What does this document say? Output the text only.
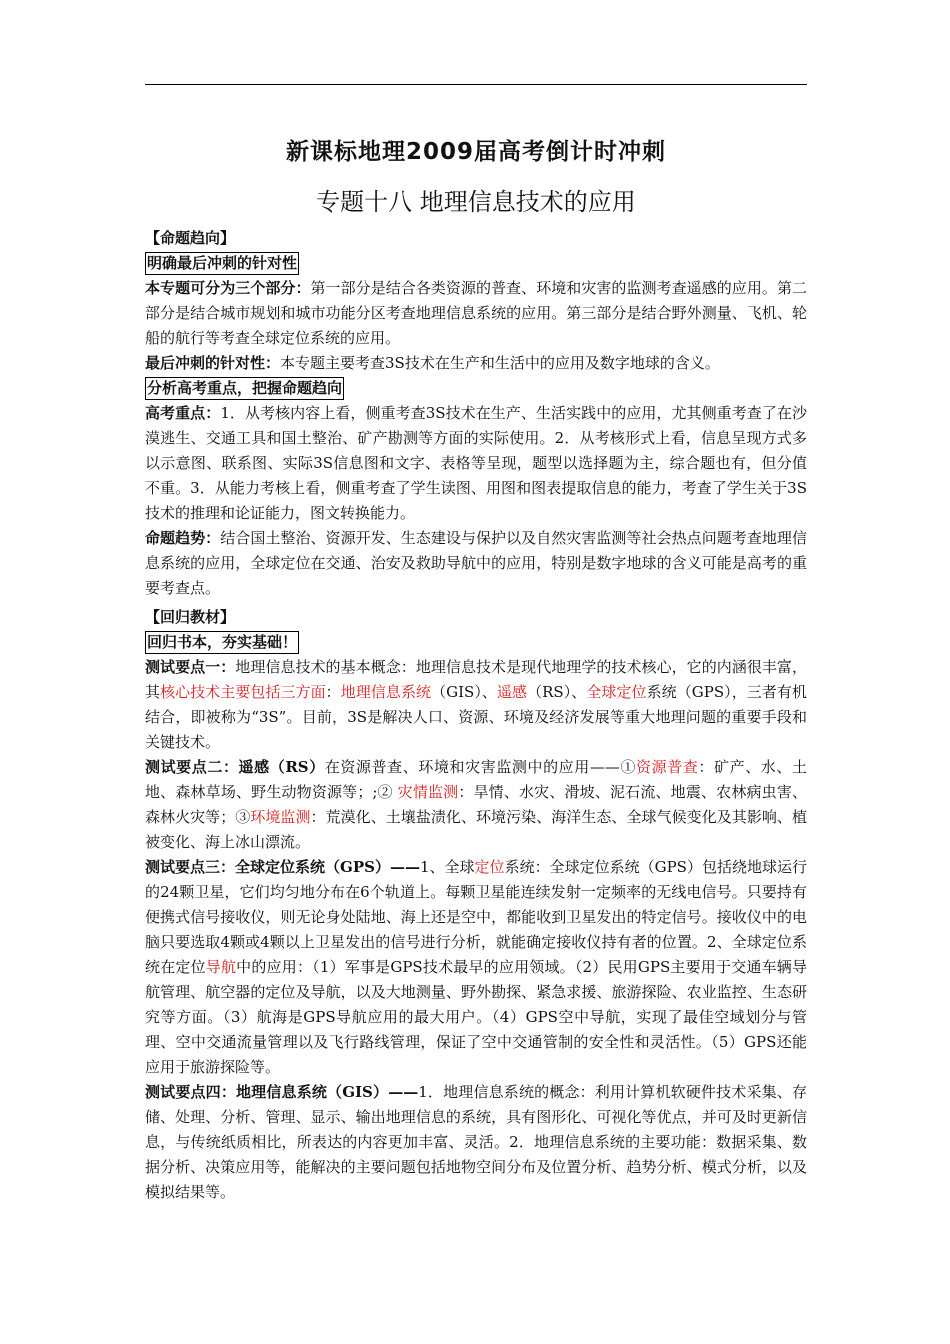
新课标地理2009届高考倒计时冲刺
专题十八 地理信息技术的应用
【命题趋向】
明确最后冲刺的针对性

本专题可分为三个部分：第一部分是结合各类资源的普查、环境和灾害的监测考查遥感的应用。第二部分是结合城市规划和城市功能分区考查地理信息系统的应用。第三部分是结合野外测量、飞机、轮船的航行等考查全球定位系统的应用。

最后冲刺的针对性：本专题主要考查3S技术在生产和生活中的应用及数字地球的含义。

分析高考重点，把握命题趋向

高考重点：1．从考核内容上看，侧重考查3S技术在生产、生活实践中的应用，尤其侧重考查了在沙漠逃生、交通工具和国土整治、矿产勘测等方面的实际使用。2．从考核形式上看，信息呈现方式多以示意图、联系图、实际3S信息图和文字、表格等呈现，题型以选择题为主，综合题也有，但分值不重。3．从能力考核上看，侧重考查了学生读图、用图和图表提取信息的能力，考查了学生关于3S技术的推理和论证能力，图文转换能力。

命题趋势：结合国土整治、资源开发、生态建设与保护以及自然灾害监测等社会热点问题考查地理信息系统的应用，全球定位在交通、治安及救助导航中的应用，特别是数字地球的含义可能是高考的重要考查点。

【回归教材】
回归书本，夯实基础！

测试要点一：地理信息技术的基本概念：地理信息技术是现代地理学的技术核心，它的内涵很丰富，其核心技术主要包括三方面：地理信息系统（GIS）、遥感（RS）、全球定位系统（GPS），三者有机结合，即被称为“3S”。目前，3S是解决人口、资源、环境及经济发展等重大地理问题的重要手段和关键技术。

测试要点二：遥感（RS）在资源普查、环境和灾害监测中的应用——①资源普查：矿产、水、土地、森林草场、野生动物资源等；;② 灾情监测：旱情、水灾、滑坡、泥石流、地震、农林病虫害、森林火灾等；③环境监测：荒漠化、土壤盐渍化、环境污染、海洋生态、全球气候变化及其影响、植被变化、海上冰山漂流。

测试要点三：全球定位系统（GPS）——1、全球定位系统：全球定位系统（GPS）包括绕地球运行的24颗卫星，它们均匀地分布在6个轨道上。每颗卫星能连续发射一定频率的无线电信号。只要持有便携式信号接收仪，则无论身处陆地、海上还是空中，都能收到卫星发出的特定信号。接收仪中的电脑只要选取4颗或4颗以上卫星发出的信号进行分析，就能确定接收仪持有者的位置。2、全球定位系统在定位导航中的应用：（1）军事是GPS技术最早的应用领域。（2）民用GPS主要用于交通车辆导航管理、航空器的定位及导航，以及大地测量、野外勘探、紧急求援、旅游探险、农业监控、生态研究等方面。（3）航海是GPS导航应用的最大用户。（4）GPS空中导航，实现了最佳空域划分与管理、空中交通流量管理以及飞行路线管理，保证了空中交通管制的安全性和灵活性。（5）GPS还能应用于旅游探险等。

测试要点四：地理信息系统（GIS）——1．地理信息系统的概念：利用计算机软硬件技术采集、存储、处理、分析、管理、显示、输出地理信息的系统，具有图形化、可视化等优点，并可及时更新信息，与传统纸质相比，所表达的内容更加丰富、灵活。2．地理信息系统的主要功能：数据采集、数据分析、决策应用等，能解决的主要问题包括地物空间分布及位置分析、趋势分析、模式分析，以及模拟结果等。
